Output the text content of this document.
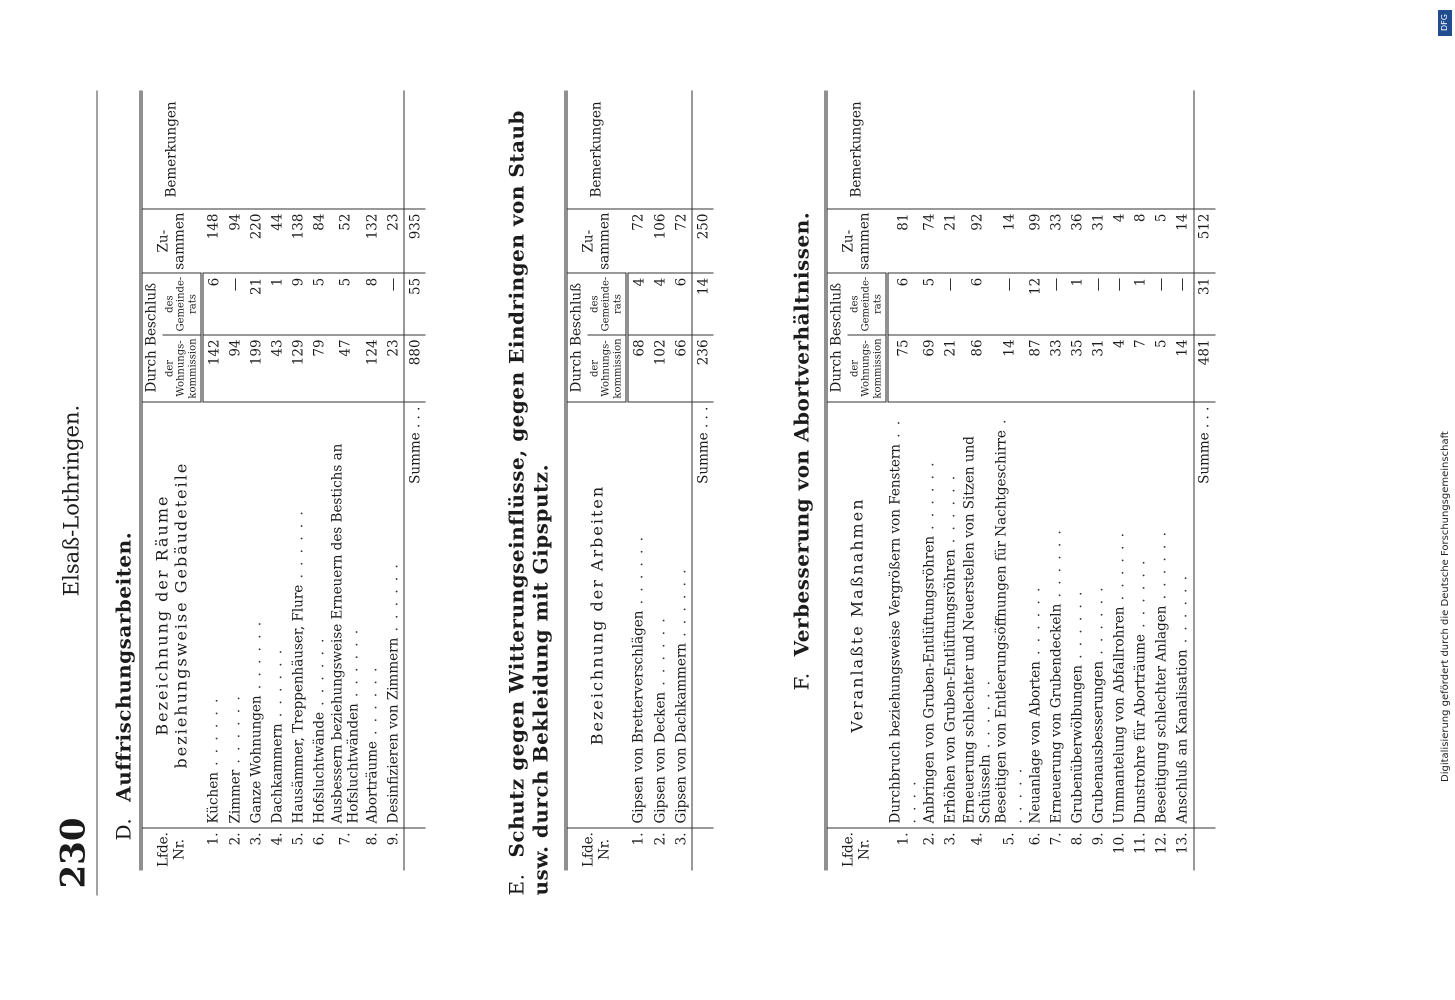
230
Elsaß-Lothringen.
D.Auffrischungsarbeiten.
Lfde. Nr.	Bezeichnung der Räume beziehungsweise Gebäudeteile	Durch Beschluß		Zu-sammen	Bemerkungen
		der Wohnungs-kommission	des Gemeinde-rats		
1.	Küchen . . . . . .	142	6	148	
2.	Zimmer . . . . . .	94	—	94	
3.	Ganze Wohnungen . . . . . .	199	21	220	
4.	Dachkammern . . . . . .	43	1	44	
5.	Hausämmer, Treppenhäuser, Flure . . . . . .	129	9	138	
6.	Hofsluchtwände . . . . . .	79	5	84	
7.	Ausbessern beziehungsweise Erneuern des Bestichs an Hofsluchtwänden . . . . . .	47	5	52	
8.	Aborträume . . . . . .	124	8	132	
9.	Desinfizieren von Zimmern . . . . . .	23	—	23	
	Summe . . .	880	55	935	
E.Schutz gegen Witterungseinflüsse, gegen Eindringen von Staub usw. durch Bekleidung mit Gipsputz. Lfde. Nr.	Bezeichnung der Arbeiten	Durch Beschluß		Zu-sammen	Bemerkungen
		der Wohnungs-kommission	des Gemeinde-rats		
1.	Gipsen von Bretterverschlägen . . . . . .	68	4	72	
2.	Gipsen von Decken . . . . . .	102	4	106	
3.	Gipsen von Dachkammern . . . . . .	66	6	72	
	Summe . . .	236	14	250	
F.Verbesserung von Abortverhältnissen.
Lfde. Nr.	Veranlaßte Maßnahmen	Durch Beschluß		Zu-sammen	Bemerkungen
		der Wohnungs-kommission	des Gemeinde-rats		
1.	Durchbruch beziehungsweise Vergrößern von Fenstern . . . . . .	75	6	81	
2.	Anbringen von Gruben-Entlüftungsröhren . . . . . .	69	5	74	
3.	Erhöhen von Gruben-Entlüftungsröhren . . . . . .	21	—	21	
4.	Erneuerung schlechter und Neuerstellen von Sitzen und Schüsseln . . . . . .	86	6	92	
5.	Beseitigen von Entleerungsöffnungen für Nachtgeschirre . . . . . .	14	—	14	
6.	Neuanlage von Aborten . . . . . .	87	12	99	
7.	Erneuerung von Grubendeckeln . . . . . .	33	—	33	
8.	Grubenüberwölbungen . . . . . .	35	1	36	
9.	Grubenausbesserungen . . . . . .	31	—	31	
10.	Ummantelung von Abfallrohren . . . . . .	4	—	4	
11.	Dunstrohre für Aborträume . . . . . .	7	1	8	
12.	Beseitigung schlechter Anlagen . . . . . .	5	—	5	
13.	Anschluß an Kanalisation . . . . . .	14	—	14	
	Summe . . .	481	31	512	
DFG
Digitalisierung gefördert durch die Deutsche Forschungsgemeinschaft
